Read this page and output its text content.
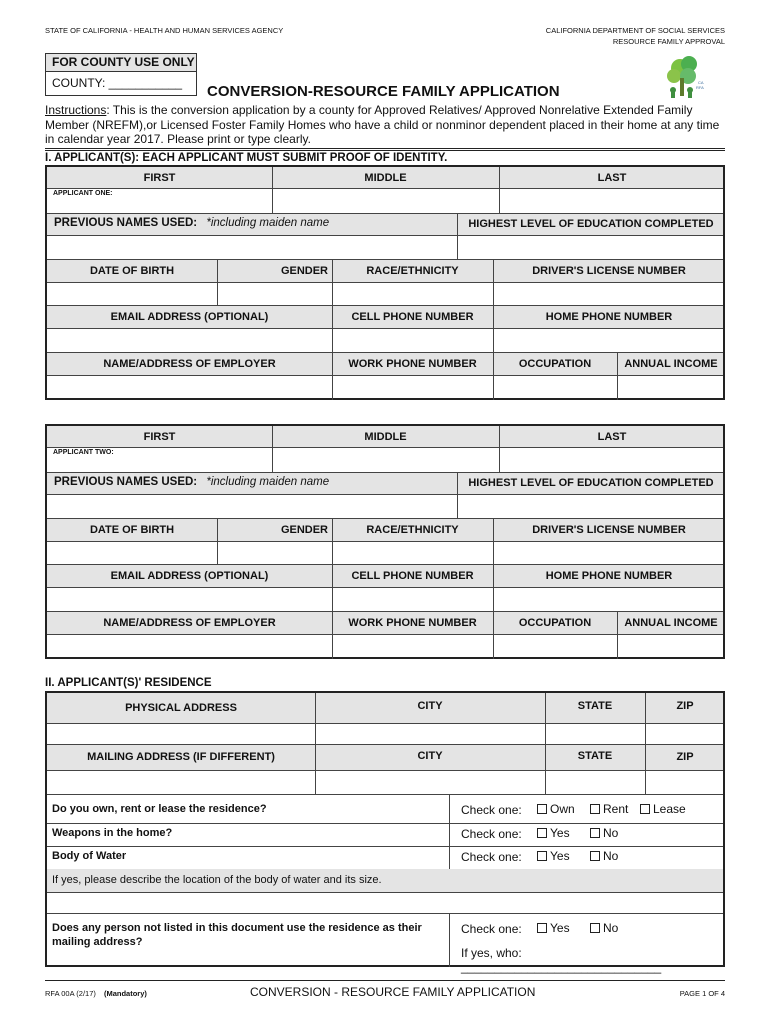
STATE OF CALIFORNIA - HEALTH AND HUMAN SERVICES AGENCY	CALIFORNIA DEPARTMENT OF SOCIAL SERVICES
RESOURCE FAMILY APPROVAL
FOR COUNTY USE ONLY
COUNTY: ___________	CA
RFA
CONVERSION-RESOURCE FAMILY APPLICATION
Instructions: This is the conversion application by a county for Approved Relatives/ Approved Nonrelative Extended Family Member (NREFM),or Licensed Foster Family Homes who have a child or nonminor dependent placed in their home at any time in calendar year 2017. Please print or type clearly.
I. APPLICANT(S): EACH APPLICANT MUST SUBMIT PROOF OF IDENTITY.
FIRST	MIDDLE	LAST
APPLICANT ONE:
PREVIOUS NAMES USED: *including maiden name	HIGHEST LEVEL OF EDUCATION COMPLETED
DATE OF BIRTH	GENDER	RACE/ETHNICITY	DRIVER'S LICENSE NUMBER
EMAIL ADDRESS (OPTIONAL)	CELL PHONE NUMBER	HOME PHONE NUMBER
NAME/ADDRESS OF EMPLOYER	WORK PHONE NUMBER	OCCUPATION	ANNUAL INCOME
FIRST	MIDDLE	LAST
APPLICANT TWO:
PREVIOUS NAMES USED: *including maiden name	HIGHEST LEVEL OF EDUCATION COMPLETED
DATE OF BIRTH	GENDER	RACE/ETHNICITY	DRIVER'S LICENSE NUMBER
EMAIL ADDRESS (OPTIONAL)	CELL PHONE NUMBER	HOME PHONE NUMBER
NAME/ADDRESS OF EMPLOYER	WORK PHONE NUMBER	OCCUPATION	ANNUAL INCOME
II. APPLICANT(S)' RESIDENCE
PHYSICAL ADDRESS	CITY	STATE	ZIP
MAILING ADDRESS (IF DIFFERENT)	CITY	STATE	ZIP
Do you own, rent or lease the residence?	Check one:	Own	Rent	Lease
Weapons in the home?	Check one:	Yes	No
Body of Water	Check one:	Yes	No
If yes, please describe the location of the body of water and its size.
Does any person not listed in this document use the residence as their mailing address?
Check one:	Yes	No
If yes, who: ______________________________
RFA 00A (2/17) (Mandatory)	CONVERSION - RESOURCE FAMILY APPLICATION	PAGE 1 OF 4
